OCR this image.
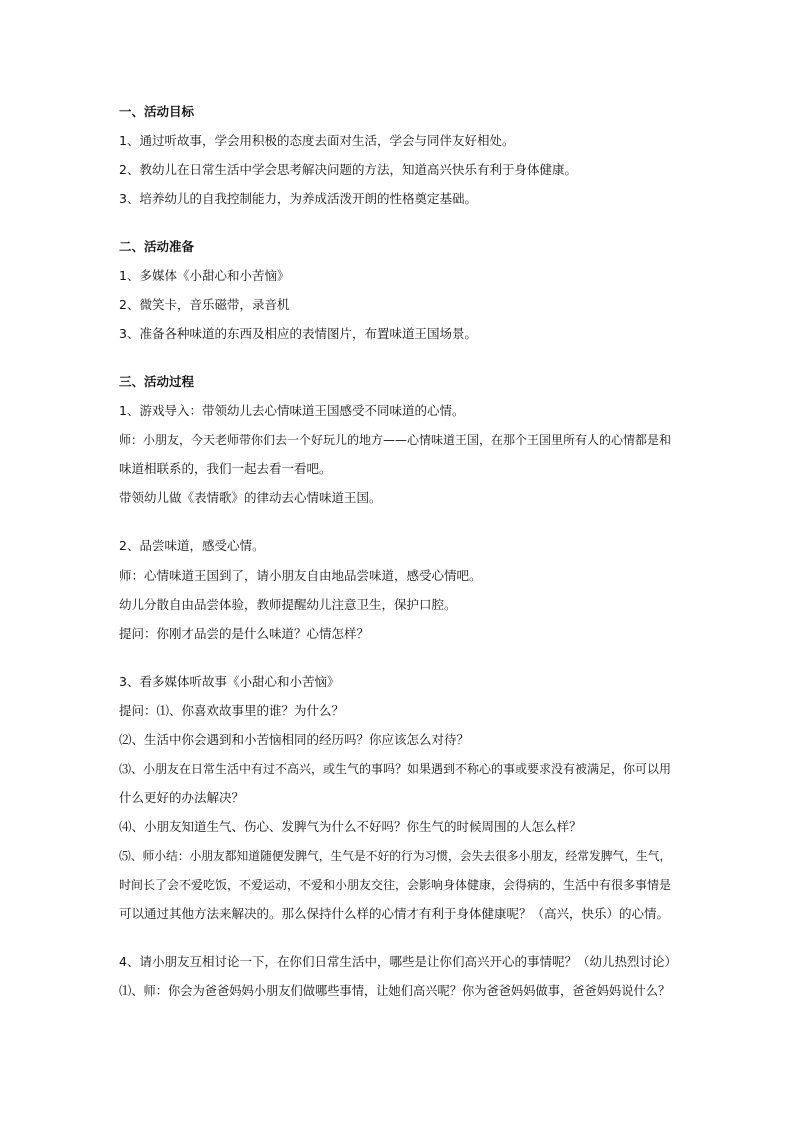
一、活动目标
1、通过听故事，学会用积极的态度去面对生活，学会与同伴友好相处。
2、教幼儿在日常生活中学会思考解决问题的方法，知道高兴快乐有利于身体健康。
3、培养幼儿的自我控制能力，为养成活泼开朗的性格奠定基础。
二、活动准备
1、多媒体《小甜心和小苦恼》
2、微笑卡，音乐磁带，录音机
3、准备各种味道的东西及相应的表情图片，布置味道王国场景。
三、活动过程
1、游戏导入：带领幼儿去心情味道王国感受不同味道的心情。
师：小朋友，今天老师带你们去一个好玩儿的地方——心情味道王国，在那个王国里所有人的心情都是和
味道相联系的，我们一起去看一看吧。
带领幼儿做《表情歌》的律动去心情味道王国。
2、品尝味道，感受心情。
师：心情味道王国到了，请小朋友自由地品尝味道，感受心情吧。
幼儿分散自由品尝体验，教师提醒幼儿注意卫生，保护口腔。
提问：你刚才品尝的是什么味道？心情怎样？
3、看多媒体听故事《小甜心和小苦恼》
提问：⑴、你喜欢故事里的谁？为什么？
⑵、生活中你会遇到和小苦恼相同的经历吗？你应该怎么对待？
⑶、小朋友在日常生活中有过不高兴，或生气的事吗？如果遇到不称心的事或要求没有被满足，你可以用
什么更好的办法解决？
⑷、小朋友知道生气、伤心、发脾气为什么不好吗？你生气的时候周围的人怎么样？
⑸、师小结：小朋友都知道随便发脾气，生气是不好的行为习惯，会失去很多小朋友，经常发脾气，生气，
时间长了会不爱吃饭，不爱运动，不爱和小朋友交往，会影响身体健康，会得病的，生活中有很多事情是
可以通过其他方法来解决的。那么保持什么样的心情才有利于身体健康呢？（高兴，快乐）的心情。
4、请小朋友互相讨论一下，在你们日常生活中，哪些是让你们高兴开心的事情呢？（幼儿热烈讨论）
⑴、师：你会为爸爸妈妈小朋友们做哪些事情，让她们高兴呢？你为爸爸妈妈做事，爸爸妈妈说什么？
